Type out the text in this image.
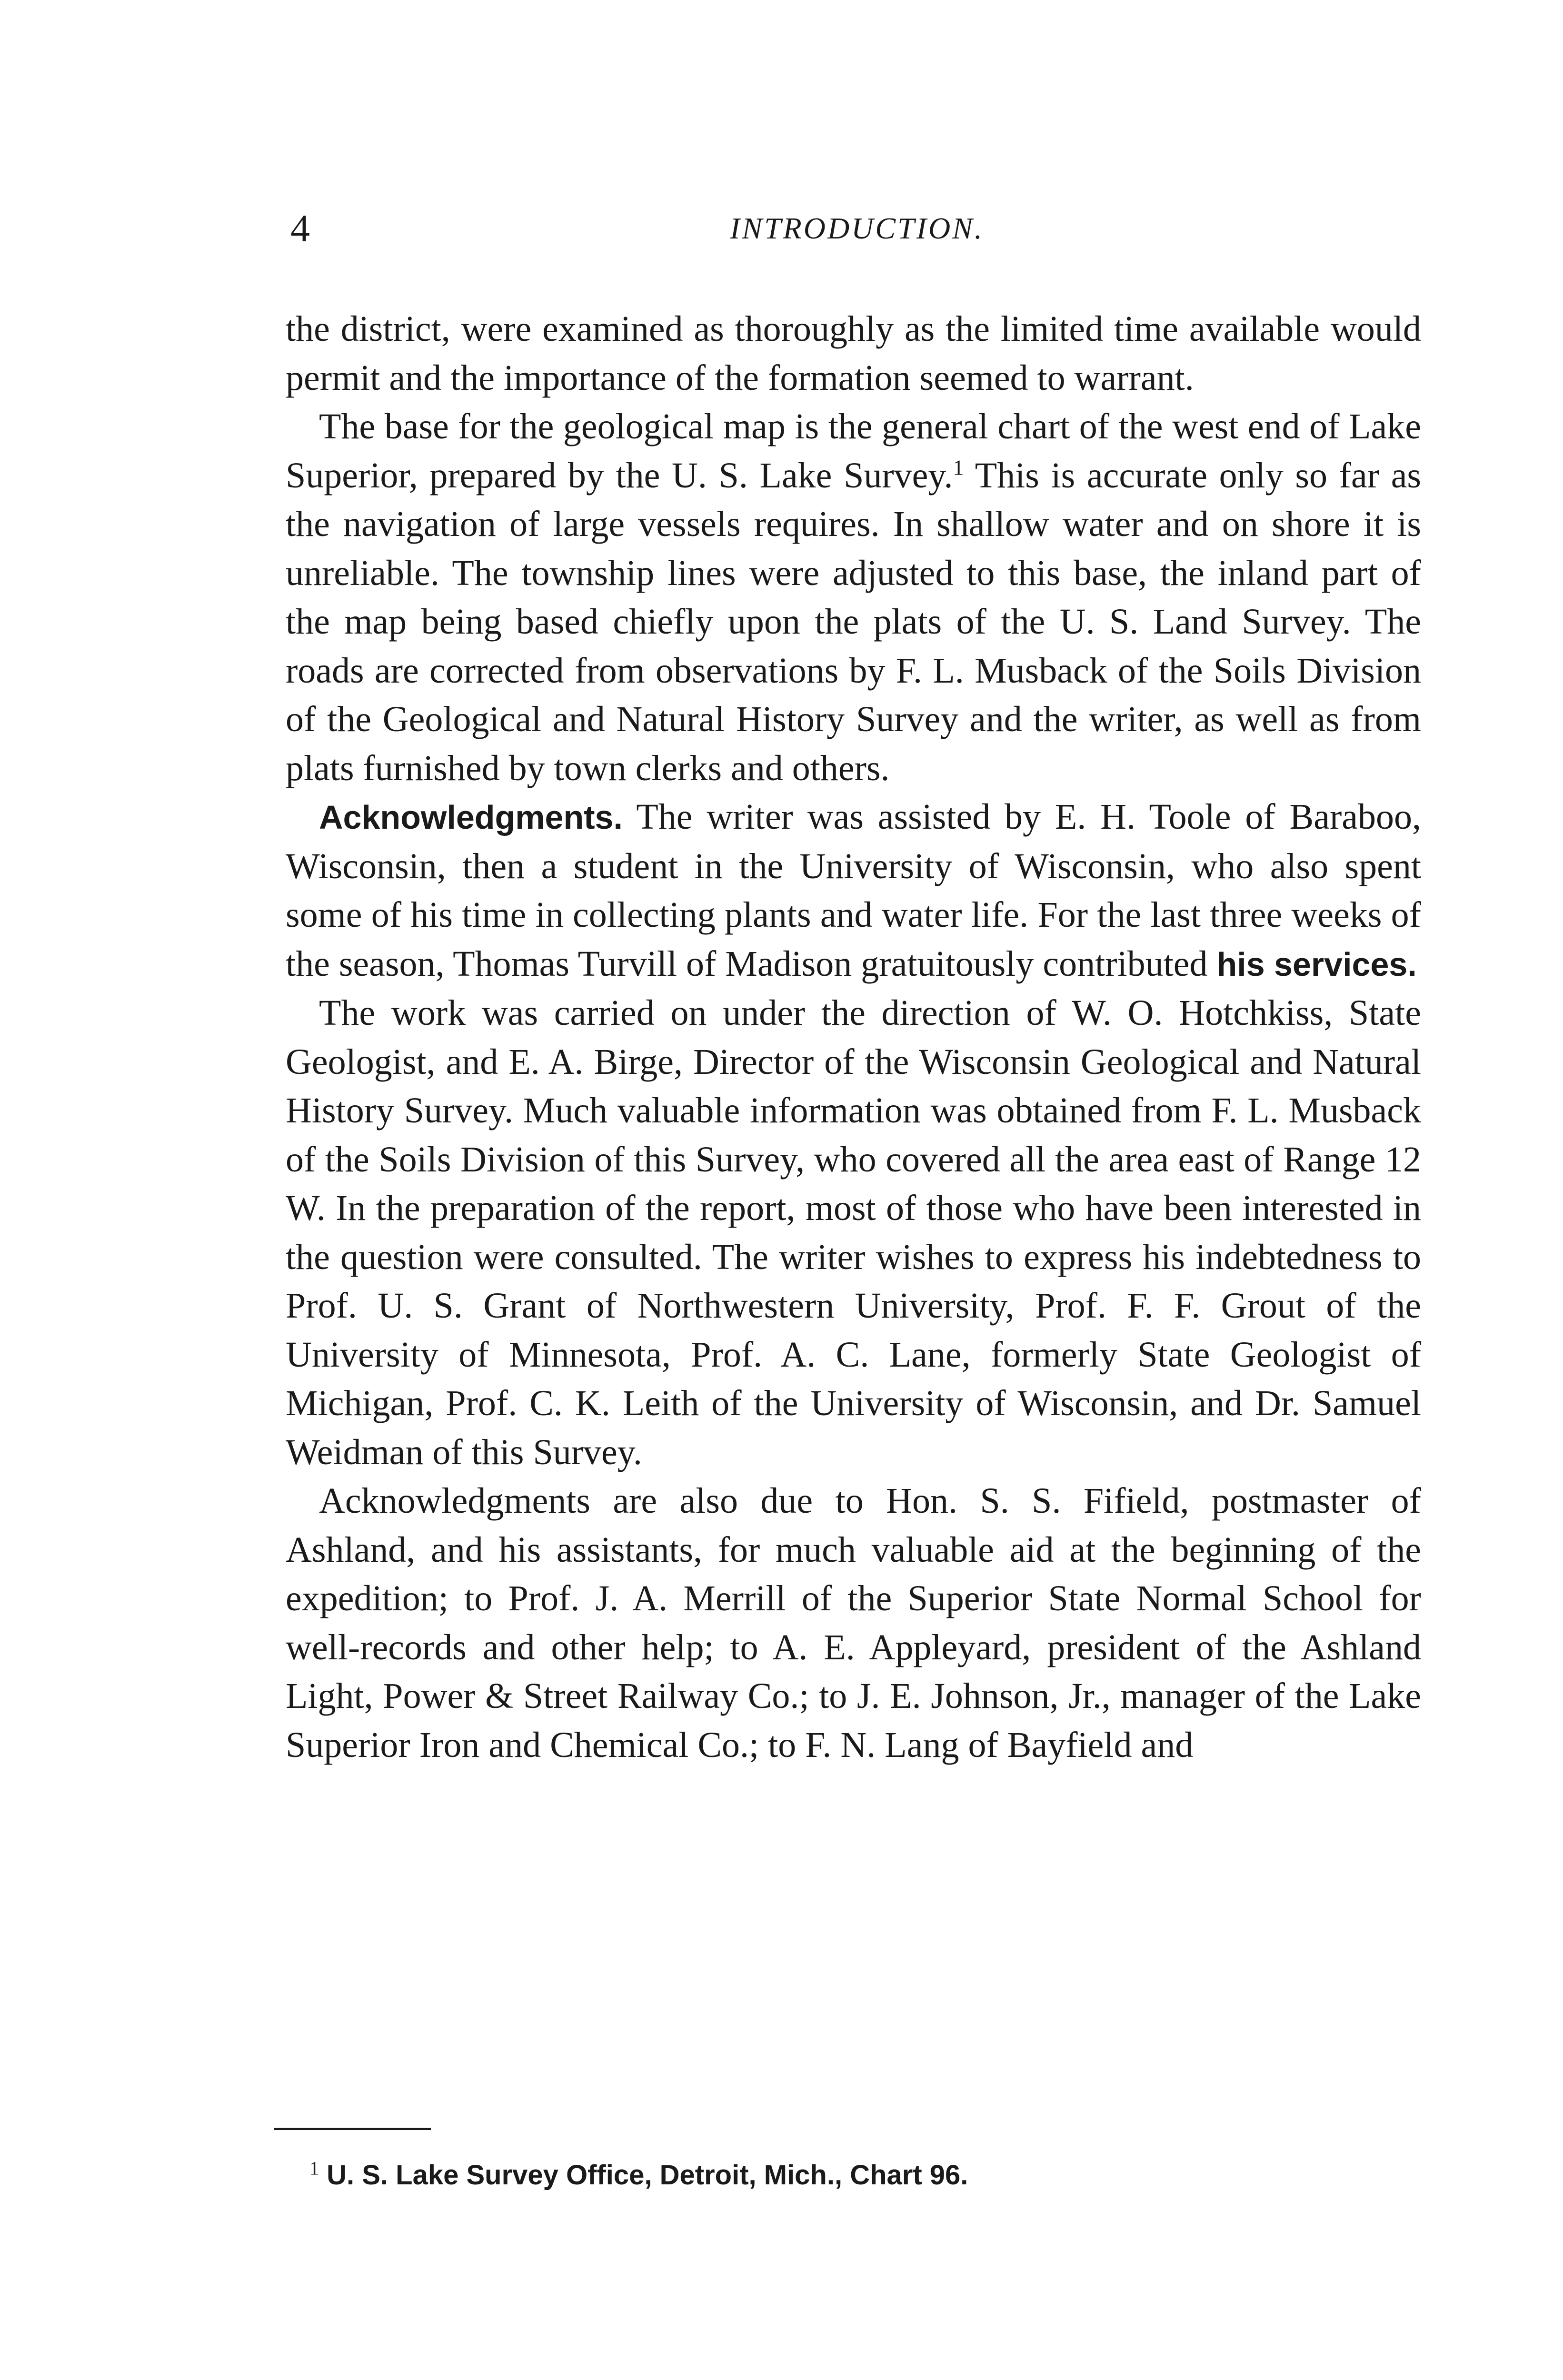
4	INTRODUCTION.

the district, were examined as thoroughly as the limited time available would permit and the importance of the formation seemed to warrant.

The base for the geological map is the general chart of the west end of Lake Superior, prepared by the U. S. Lake Survey.$^1$ This is accurate only so far as the navigation of large vessels requires. In shallow water and on shore it is unreliable. The township lines were adjusted to this base, the inland part of the map being based chiefly upon the plats of the U. S. Land Survey. The roads are corrected from observations by F. L. Musback of the Soils Division of the Geological and Natural History Survey and the writer, as well as from plats furnished by town clerks and others.

Acknowledgments. The writer was assisted by E. H. Toole of Baraboo, Wisconsin, then a student in the University of Wisconsin, who also spent some of his time in collecting plants and water life. For the last three weeks of the season, Thomas Turvill of Madison gratuitously contributed his services.

The work was carried on under the direction of W. O. Hotchkiss, State Geologist, and E. A. Birge, Director of the Wisconsin Geological and Natural History Survey. Much valuable information was obtained from F. L. Musback of the Soils Division of this Survey, who covered all the area east of Range 12 W. In the preparation of the report, most of those who have been interested in the question were consulted. The writer wishes to express his indebtedness to Prof. U. S. Grant of Northwestern University, Prof. F. F. Grout of the University of Minnesota, Prof. A. C. Lane, formerly State Geologist of Michigan, Prof. C. K. Leith of the University of Wisconsin, and Dr. Samuel Weidman of this Survey.

Acknowledgments are also due to Hon. S. S. Fifield, postmaster of Ashland, and his assistants, for much valuable aid at the beginning of the expedition; to Prof. J. A. Merrill of the Superior State Normal School for well-records and other help; to A. E. Appleyard, president of the Ashland Light, Power & Street Railway Co.; to J. E. Johnson, Jr., manager of the Lake Superior Iron and Chemical Co.; to F. N. Lang of Bayfield and

$^1$ U. S. Lake Survey Office, Detroit, Mich., Chart 96.
